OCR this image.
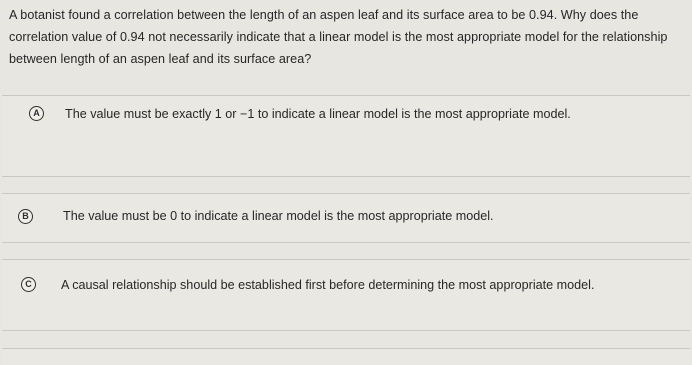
A botanist found a correlation between the length of an aspen leaf and its surface area to be 0.94. Why does the correlation value of 0.94 not necessarily indicate that a linear model is the most appropriate model for the relationship between length of an aspen leaf and its surface area?
A	The value must be exactly 1 or −1 to indicate a linear model is the most appropriate model.
B	The value must be 0 to indicate a linear model is the most appropriate model.
C	A causal relationship should be established first before determining the most appropriate model.
